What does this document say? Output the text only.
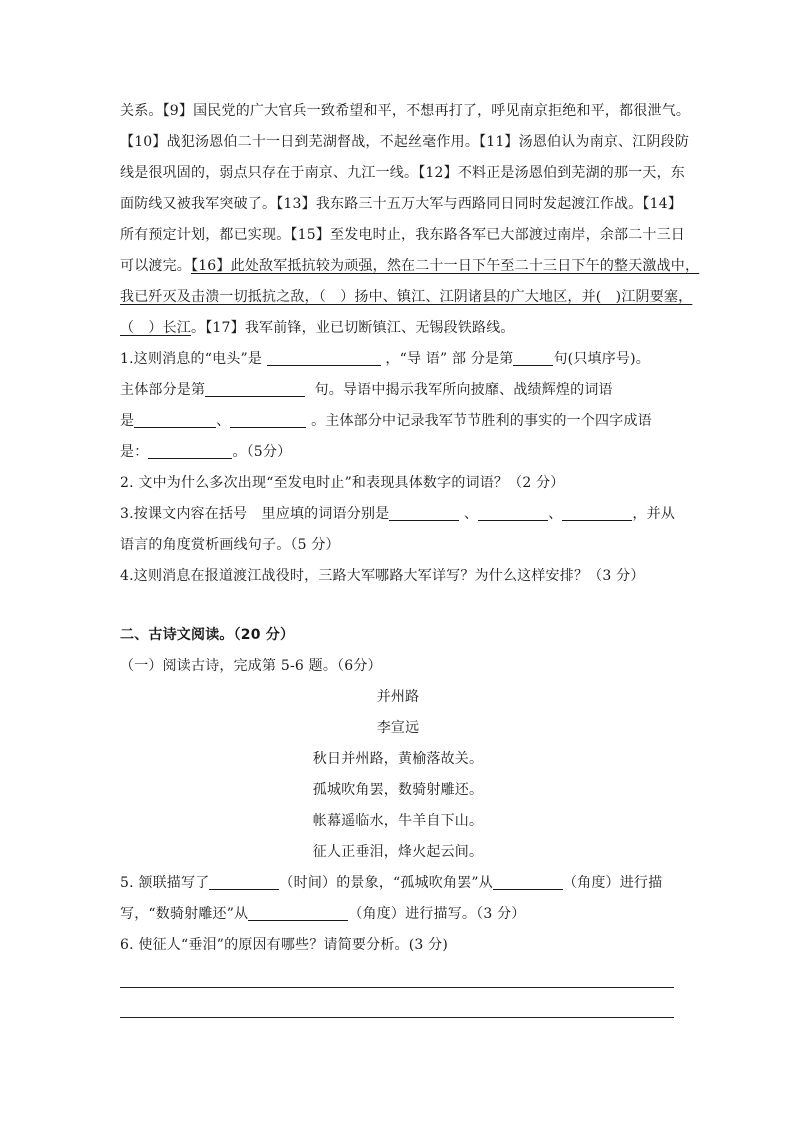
关系。【9】国民党的广大官兵一致希望和平，不想再打了，呼见南京拒绝和平，都很泄气。

【10】战犯汤恩伯二十一日到芜湖督战，不起丝毫作用。【11】汤恩伯认为南京、江阴段防

线是很巩固的，弱点只存在于南京、九江一线。【12】不料正是汤恩伯到芜湖的那一天，东

面防线又被我军突破了。【13】我东路三十五万大军与西路同日同时发起渡江作战。【14】

所有预定计划，都已实现。【15】至发电时止，我东路各军已大部渡过南岸，余部二十三日

可以渡完。【16】此处敌军抵抗较为顽强，然在二十一日下午至二十三日下午的整天激战中，

我已歼灭及击溃一切抵抗之敌，（　）扬中、镇江、江阴诸县的广大地区，并(　)江阴要塞，

（　）长江。【17】我军前锋，业已切断镇江、无锡段铁路线。

1.这则消息的“电头”是	，“导 语” 部 分是第	句(只填序号)。

主体部分是第	句。导语中揭示我军所向披靡、战绩辉煌的词语

是	、	。主体部分中记录我军节节胜利的事实的一个四字成语

是：	。（5分）

2. 文中为什么多次出现“至发电时止”和表现具体数字的词语？（2 分）

3.按课文内容在括号　里应填的词语分别是	、	、	，并从

语言的角度赏析画线句子。（5 分）

4.这则消息在报道渡江战役时，三路大军哪路大军详写？为什么这样安排？（3 分）

二、古诗文阅读。（20 分）

（一）阅读古诗，完成第 5-6 题。（6分）

并州路

李宣远

秋日并州路，黄榆落故关。

孤城吹角罢，数骑射雕还。

帐幕遥临水，牛羊自下山。

征人正垂泪，烽火起云间。

5. 颔联描写了	（时间）的景象，“孤城吹角罢”从	（角度）进行描

写，“数骑射雕还”从	（角度）进行描写。（3 分）

6. 使征人“垂泪”的原因有哪些？请简要分析。(3 分)
